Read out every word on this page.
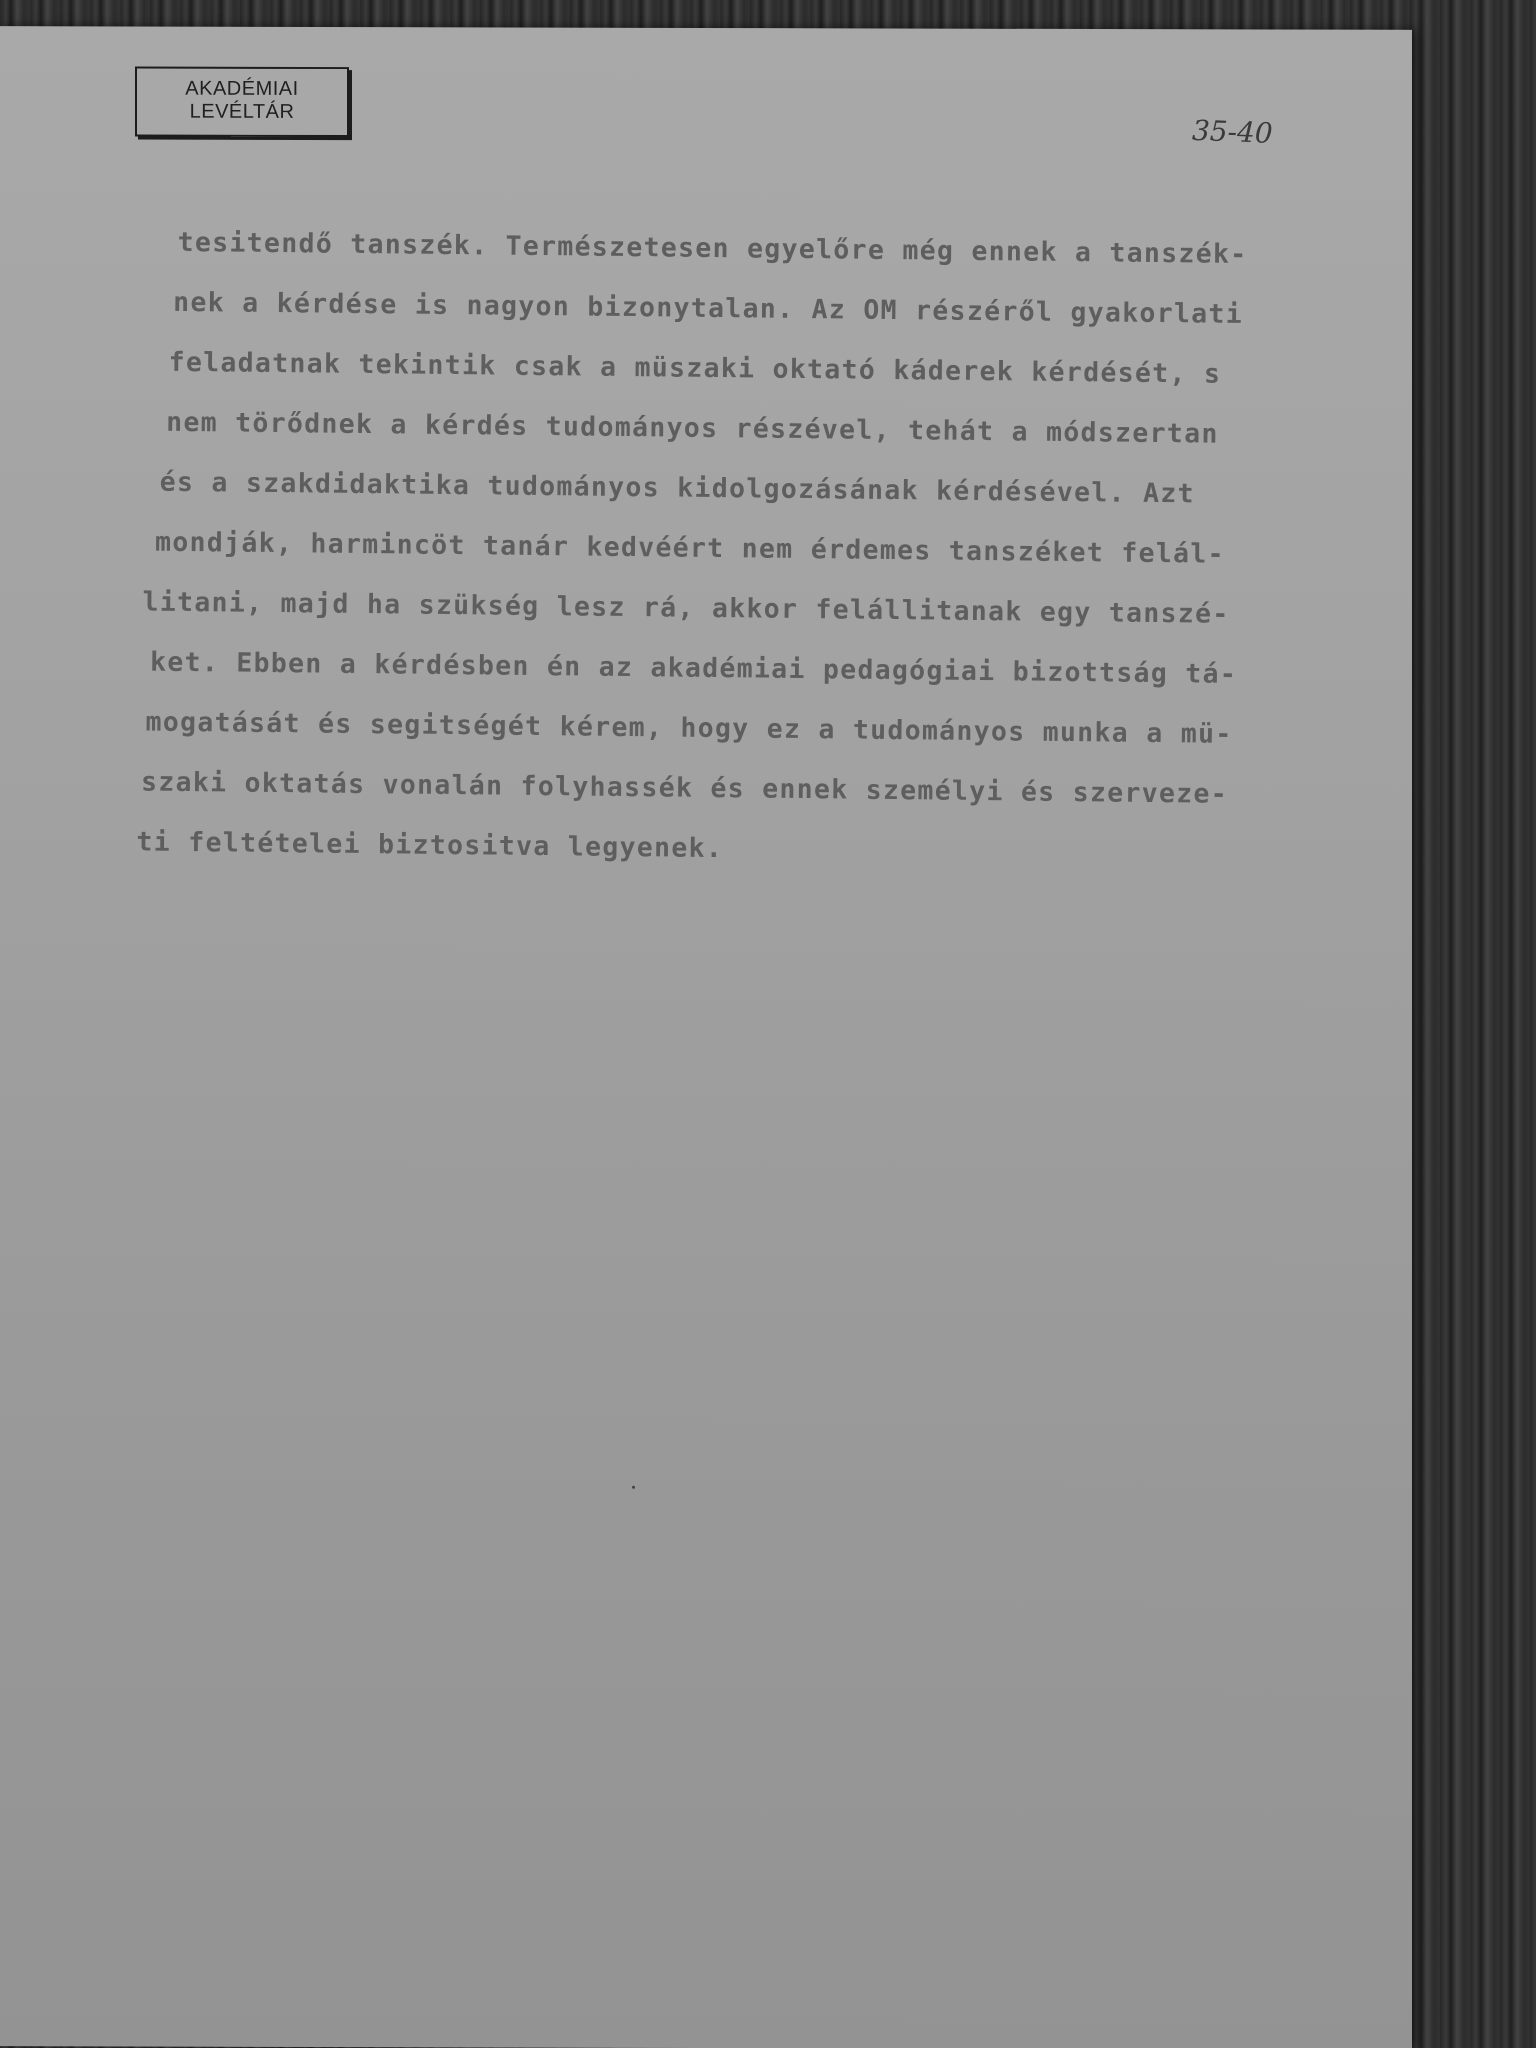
AKADÉMIAI
LEVÉLTÁR
35-40
tesitendő tanszék. Természetesen egyelőre még ennek a tanszék-
nek a kérdése is nagyon bizonytalan. Az OM részéről gyakorlati
feladatnak tekintik csak a müszaki oktató káderek kérdését, s
nem törődnek a kérdés tudományos részével, tehát a módszertan
és a szakdidaktika tudományos kidolgozásának kérdésével. Azt
mondják, harmincöt tanár kedvéért nem érdemes tanszéket felál-
litani, majd ha szükség lesz rá, akkor felállitanak egy tanszé-
ket. Ebben a kérdésben én az akadémiai pedagógiai bizottság tá-
mogatását és segitségét kérem, hogy ez a tudományos munka a mü-
szaki oktatás vonalán folyhassék és ennek személyi és szerveze-
ti feltételei biztositva legyenek.
